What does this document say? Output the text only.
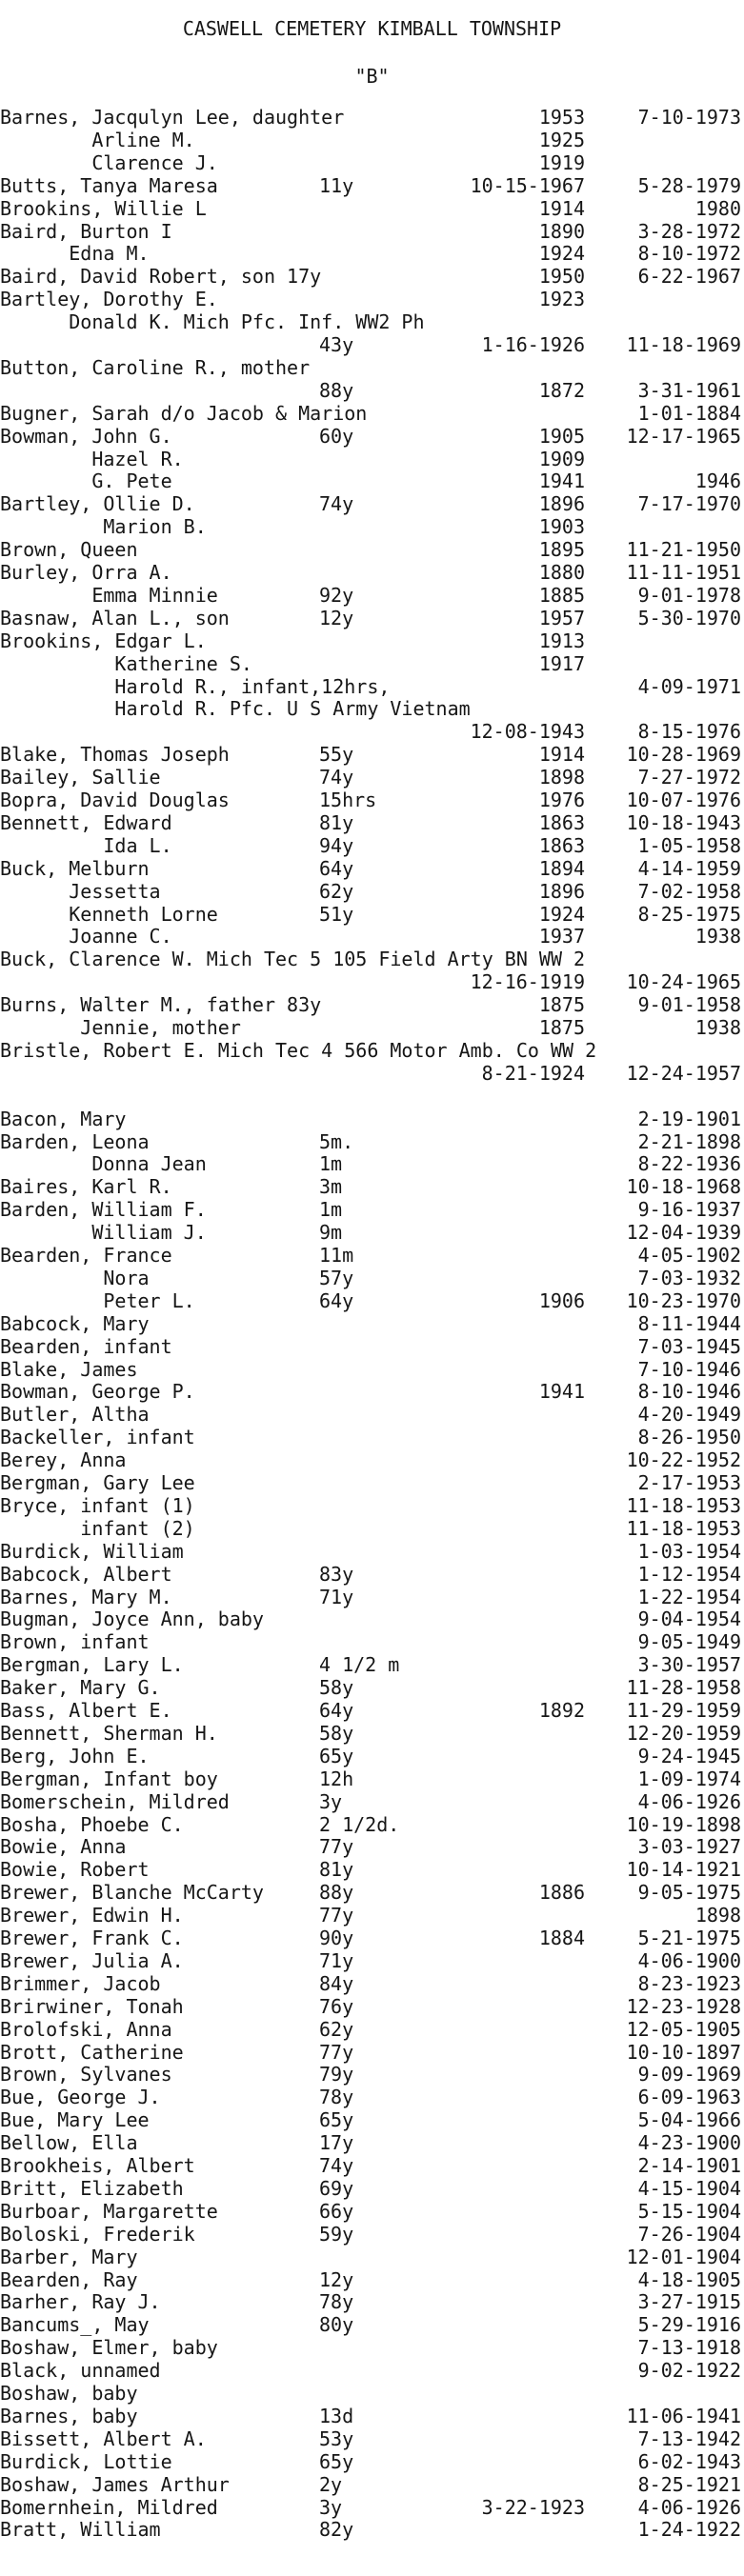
CASWELL CEMETERY KIMBALL TOWNSHIP
"B"
Barnes, Jacqulyn Lee, daughter	1953	7-10-1973
Arline M.	1925
Clarence J.	1919
Butts, Tanya Maresa	11y	10-15-1967	5-28-1979
Brookins, Willie L	1914	1980
Baird, Burton I	1890	3-28-1972
Edna M.	1924	8-10-1972
Baird, David Robert, son 17y	1950	6-22-1967
Bartley, Dorothy E.	1923
Donald K. Mich Pfc. Inf. WW2 Ph
43y	1-16-1926 11-18-1969
Button, Caroline R., mother
88y	1872	3-31-1961
Bugner, Sarah d/o Jacob & Marion	1-01-1884
Bowman, John G.	60y	1905 12-17-1965
Hazel R.	1909
G. Pete	1941	1946
Bartley, Ollie D.	74y	1896	7-17-1970
Marion B.	1903
Brown, Queen	1895 11-21-1950
Burley, Orra A.	1880 11-11-1951
Emma Minnie	92y	1885	9-01-1978
Basnaw, Alan L., son	12y	1957	5-30-1970
Brookins, Edgar L.	1913
Katherine S.	1917
Harold R., infant,12hrs,	4-09-1971
Harold R. Pfc. U S Army Vietnam
12-08-1943	8-15-1976
Blake, Thomas Joseph	55y	1914 10-28-1969
Bailey, Sallie	74y	1898	7-27-1972
Bopra, David Douglas	15hrs	1976 10-07-1976
Bennett, Edward	81y	1863 10-18-1943
Ida L.	94y	1863	1-05-1958
Buck, Melburn	64y	1894	4-14-1959
Jessetta	62y	1896	7-02-1958
Kenneth Lorne	51y	1924	8-25-1975
Joanne C.	1937	1938
Buck, Clarence W. Mich Tec 5 105 Field Arty BN WW 2
12-16-1919 10-24-1965
Burns, Walter M., father 83y	1875	9-01-1958
Jennie, mother	1875	1938
Bristle, Robert E. Mich Tec 4 566 Motor Amb. Co WW 2
8-21-1924 12-24-1957
Bacon, Mary	2-19-1901
Barden, Leona	5m.	2-21-1898
Donna Jean	1m	8-22-1936
Baires, Karl R.	3m	10-18-1968
Barden, William F.	1m	9-16-1937
William J.	9m	12-04-1939
Bearden, France	11m	4-05-1902
Nora	57y	7-03-1932
Peter L.	64y	1906 10-23-1970
Babcock, Mary	8-11-1944
Bearden, infant	7-03-1945
Blake, James	7-10-1946
Bowman, George P.	1941	8-10-1946
Butler, Altha	4-20-1949
Backeller, infant	8-26-1950
Berey, Anna	10-22-1952
Bergman, Gary Lee	2-17-1953
Bryce, infant (1)	11-18-1953
infant (2)	11-18-1953
Burdick, William	1-03-1954
Babcock, Albert	83y	1-12-1954
Barnes, Mary M.	71y	1-22-1954
Bugman, Joyce Ann, baby	9-04-1954
Brown, infant	9-05-1949
Bergman, Lary L.	4 1/2 m	3-30-1957
Baker, Mary G.	58y	11-28-1958
Bass, Albert E.	64y	1892 11-29-1959
Bennett, Sherman H.	58y	12-20-1959
Berg, John E.	65y	9-24-1945
Bergman, Infant boy	12h	1-09-1974
Bomerschein, Mildred	3y	4-06-1926
Bosha, Phoebe C.	2 1/2d.	10-19-1898
Bowie, Anna	77y	3-03-1927
Bowie, Robert	81y	10-14-1921
Brewer, Blanche McCarty	88y	1886	9-05-1975
Brewer, Edwin H.	77y	1898
Brewer, Frank C.	90y	1884	5-21-1975
Brewer, Julia A.	71y	4-06-1900
Brimmer, Jacob	84y	8-23-1923
Brirwiner, Tonah	76y	12-23-1928
Brolofski, Anna	62y	12-05-1905
Brott, Catherine	77y	10-10-1897
Brown, Sylvanes	79y	9-09-1969
Bue, George J.	78y	6-09-1963
Bue, Mary Lee	65y	5-04-1966
Bellow, Ella	17y	4-23-1900
Brookheis, Albert	74y	2-14-1901
Britt, Elizabeth	69y	4-15-1904
Burboar, Margarette	66y	5-15-1904
Boloski, Frederik	59y	7-26-1904
Barber, Mary	12-01-1904
Bearden, Ray	12y	4-18-1905
Barher, Ray J.	78y	3-27-1915
Bancums_, May	80y	5-29-1916
Boshaw, Elmer, baby	7-13-1918
Black, unnamed	9-02-1922
Boshaw, baby
Barnes, baby	13d	11-06-1941
Bissett, Albert A.	53y	7-13-1942
Burdick, Lottie	65y	6-02-1943
Boshaw, James Arthur	2y	8-25-1921
Bomernhein, Mildred	3y	3-22-1923	4-06-1926
Bratt, William	82y	1-24-1922
